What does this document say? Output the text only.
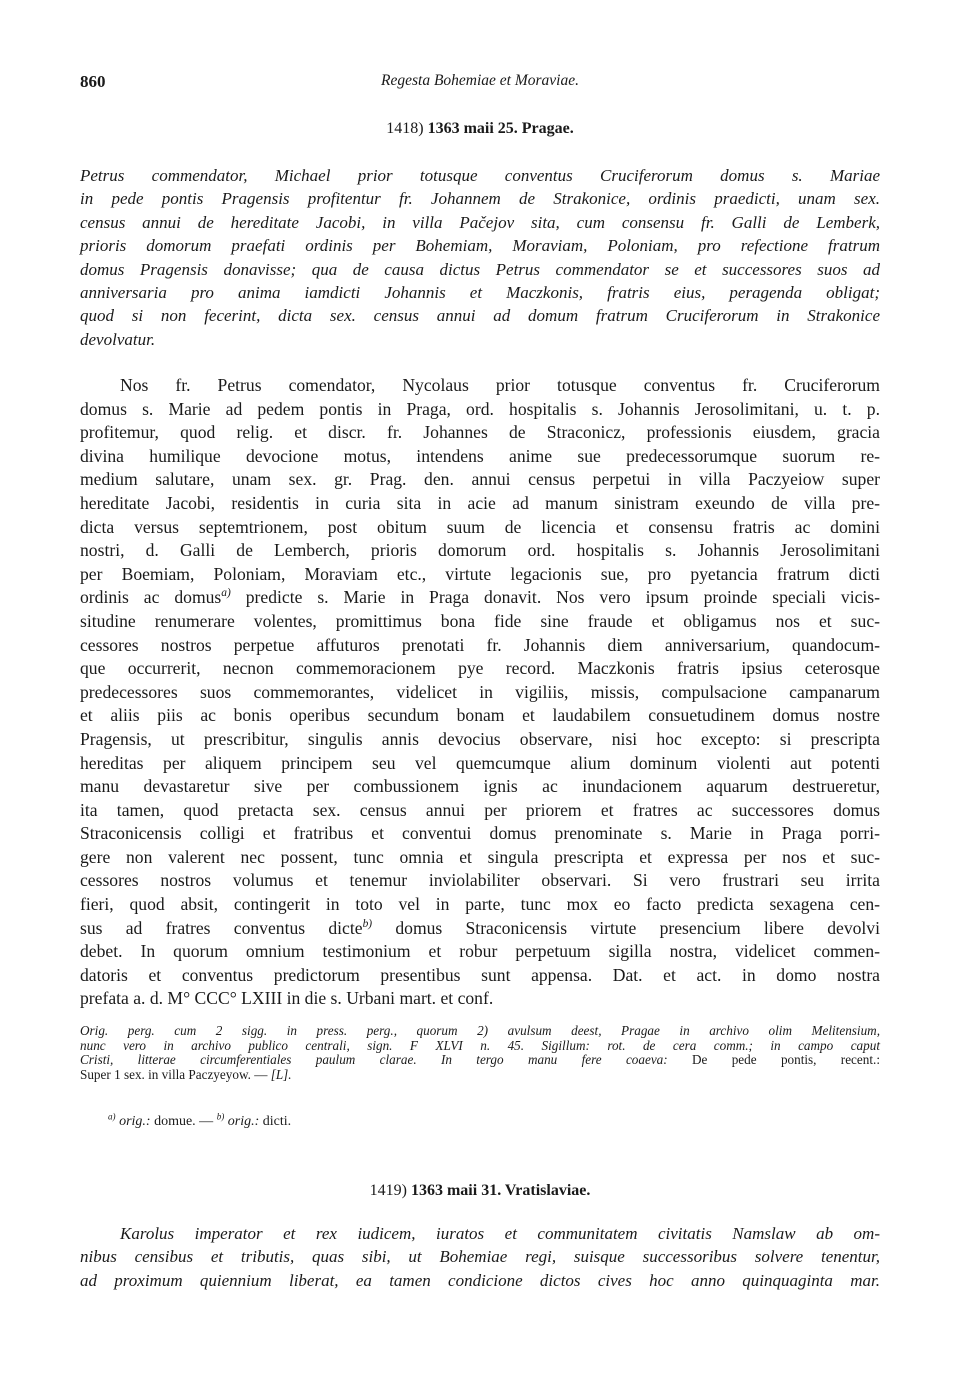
860	Regesta Bohemiae et Moraviae.
1418) 1363 maii 25. Pragae.
Petrus commendator, Michael prior totusque conventus Cruciferorum domus s. Mariae
in pede pontis Pragensis profitentur fr. Johannem de Strakonice, ordinis praedicti, unam sex.
census annui de hereditate Jacobi, in villa Pačejov sita, cum consensu fr. Galli de Lemberk,
prioris domorum praefati ordinis per Bohemiam, Moraviam, Poloniam, pro refectione fratrum
domus Pragensis donavisse; qua de causa dictus Petrus commendator se et successores suos ad
anniversaria pro anima iamdicti Johannis et Maczkonis, fratris eius, peragenda obligat;
quod si non fecerint, dicta sex. census annui ad domum fratrum Cruciferorum in Strakonice
devolvatur.
Nos fr. Petrus comendator, Nycolaus prior totusque conventus fr. Cruciferorum
domus s. Marie ad pedem pontis in Praga, ord. hospitalis s. Johannis Jerosolimitani, u. t. p.
profitemur, quod relig. et discr. fr. Johannes de Straconicz, professionis eiusdem, gracia
divina humilique devocione motus, intendens anime sue predecessorumque suorum re-
medium salutare, unam sex. gr. Prag. den. annui census perpetui in villa Paczyeiow super
hereditate Jacobi, residentis in curia sita in acie ad manum sinistram exeundo de villa pre-
dicta versus septemtrionem, post obitum suum de licencia et consensu fratris ac domini
nostri, d. Galli de Lemberch, prioris domorum ord. hospitalis s. Johannis Jerosolimitani
per Boemiam, Poloniam, Moraviam etc., virtute legacionis sue, pro pyetancia fratrum dicti
ordinis ac domus$^{a)}$ predicte s. Marie in Praga donavit. Nos vero ipsum proinde speciali vicis-
situdine renumerare volentes, promittimus bona fide sine fraude et obligamus nos et suc-
cessores nostros perpetue affuturos prenotati fr. Johannis diem anniversarium, quandocum-
que occurrerit, necnon commemoracionem pye record. Maczkonis fratris ipsius ceterosque
predecessores suos commemorantes, videlicet in vigiliis, missis, compulsacione campanarum
et aliis piis ac bonis operibus secundum bonam et laudabilem consuetudinem domus nostre
Pragensis, ut prescribitur, singulis annis devocius observare, nisi hoc excepto: si prescripta
hereditas per aliquem principem seu vel quemcumque alium dominum violenti aut potenti
manu devastaretur sive per combussionem ignis ac inundacionem aquarum destrueretur,
ita tamen, quod pretacta sex. census annui per priorem et fratres ac successores domus
Straconicensis colligi et fratribus et conventui domus prenominate s. Marie in Praga porri-
gere non valerent nec possent, tunc omnia et singula prescripta et expressa per nos et suc-
cessores nostros volumus et tenemur inviolabiliter observari. Si vero frustrari seu irrita
fieri, quod absit, contingerit in toto vel in parte, tunc mox eo facto predicta sexagena cen-
sus ad fratres conventus dicte$^{b)}$ domus Straconicensis virtute presencium libere devolvi
debet. In quorum omnium testimonium et robur perpetuum sigilla nostra, videlicet commen-
datoris et conventus predictorum presentibus sunt appensa. Dat. et act. in domo nostra
prefata a. d. M° CCC° LXIII in die s. Urbani mart. et conf.
Orig. perg. cum 2 sigg. in press. perg., quorum 2) avulsum deest, Pragae in archivo olim Melitensium,
nunc vero in archivo publico centrali, sign. F XLVI n. 45. Sigillum: rot. de cera comm.; in campo caput
Cristi, litterae circumferentiales paulum clarae. In tergo manu fere coaeva: De pede pontis, recent.:
Super 1 sex. in villa Paczyeyow. — [L].
$^{a)}$ orig.: domue. — $^{b)}$ orig.: dicti.
1419) 1363 maii 31. Vratislaviae.
Karolus imperator et rex iudicem, iuratos et communitatem civitatis Namslaw ab om-
nibus censibus et tributis, quas sibi, ut Bohemiae regi, suisque successoribus solvere tenentur,
ad proximum quiennium liberat, ea tamen condicione dictos cives hoc anno quinquaginta mar.
